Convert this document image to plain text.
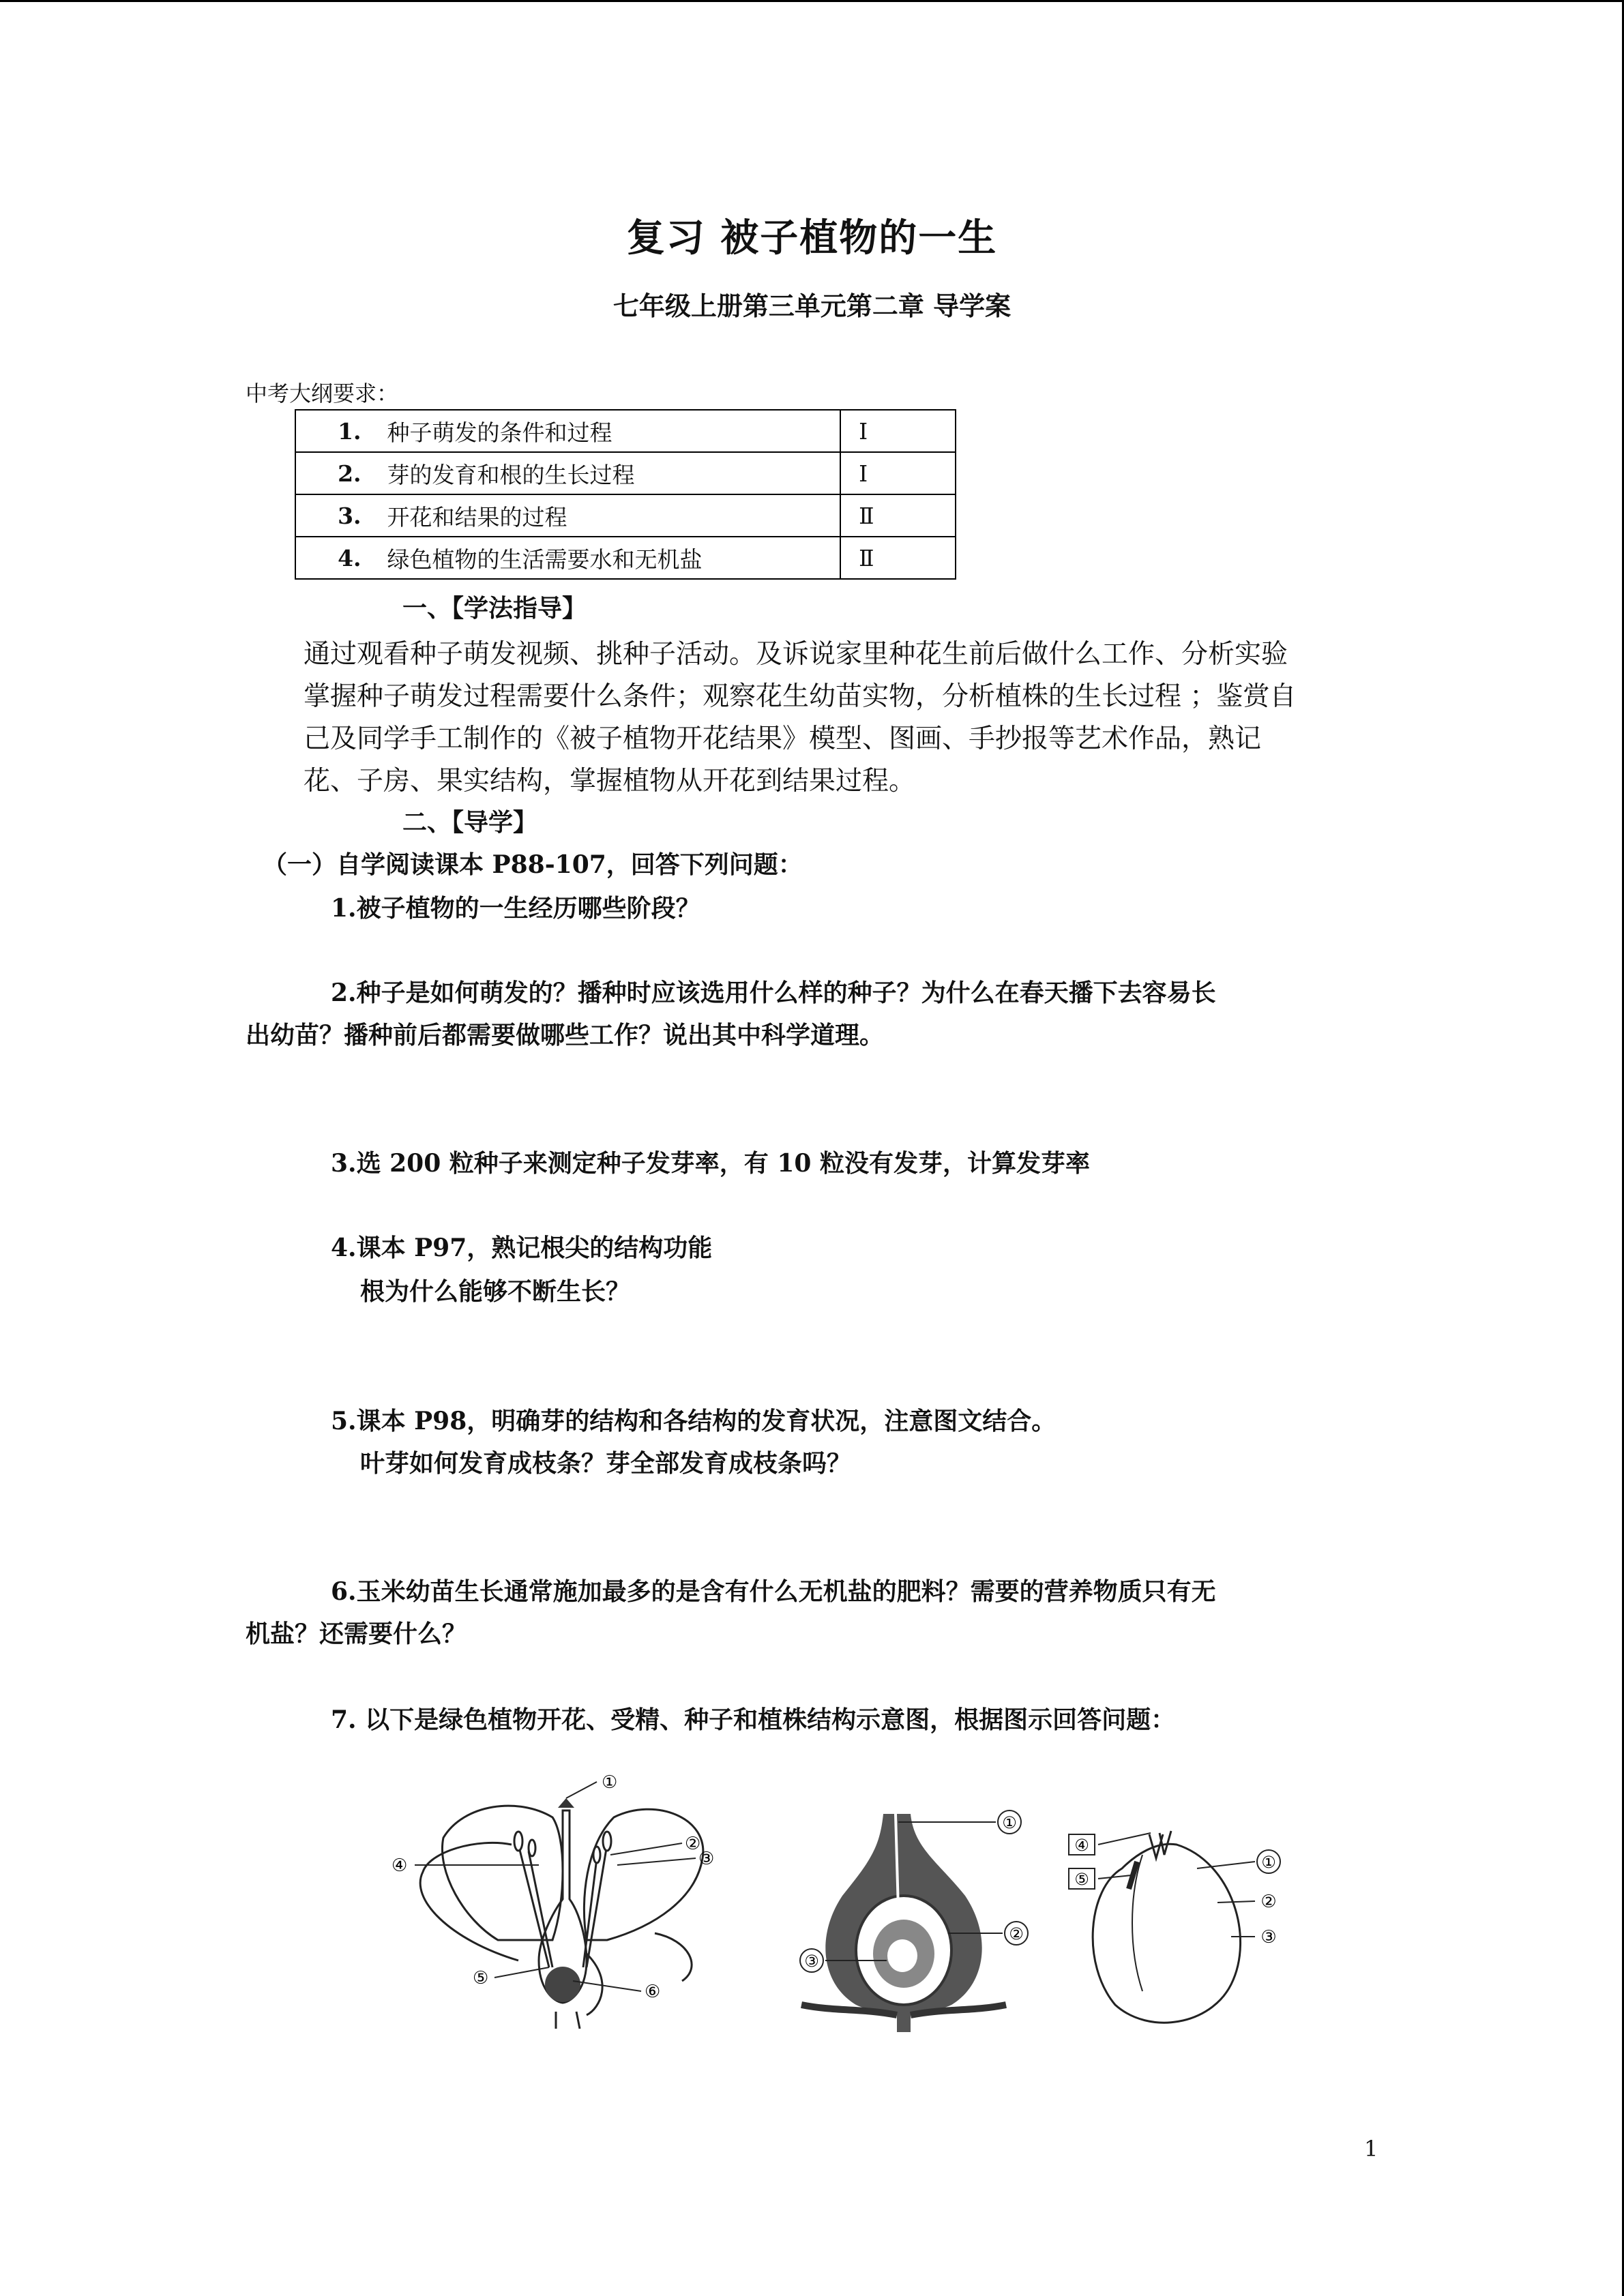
复习 被子植物的一生
七年级上册第三单元第二章 导学案
中考大纲要求：
1.	种子萌发的条件和过程	Ⅰ
2.	芽的发育和根的生长过程	Ⅰ
3.	开花和结果的过程	Ⅱ
4.	绿色植物的生活需要水和无机盐	Ⅱ
一、【学法指导】
通过观看种子萌发视频、挑种子活动。及诉说家里种花生前后做什么工作、分析实验
掌握种子萌发过程需要什么条件；观察花生幼苗实物，分析植株的生长过程 ；鉴赏自
己及同学手工制作的《被子植物开花结果》模型、图画、手抄报等艺术作品，熟记
花、子房、果实结构，掌握植物从开花到结果过程。
二、【导学】
（一）自学阅读课本 P88-107，回答下列问题：
1.被子植物的一生经历哪些阶段？
2.种子是如何萌发的？播种时应该选用什么样的种子？为什么在春天播下去容易长
出幼苗？播种前后都需要做哪些工作？说出其中科学道理。
3.选 200 粒种子来测定种子发芽率，有 10 粒没有发芽，计算发芽率
4.课本 P97，熟记根尖的结构功能
根为什么能够不断生长？
5.课本 P98，明确芽的结构和各结构的发育状况，注意图文结合。
叶芽如何发育成枝条？芽全部发育成枝条吗？
6.玉米幼苗生长通常施加最多的是含有什么无机盐的肥料？需要的营养物质只有无
机盐？还需要什么？
7. 以下是绿色植物开花、受精、种子和植株结构示意图，根据图示回答问题：
①
②
③
④
⑤
⑥
①
②
③
①
②
③
④
⑤
1
